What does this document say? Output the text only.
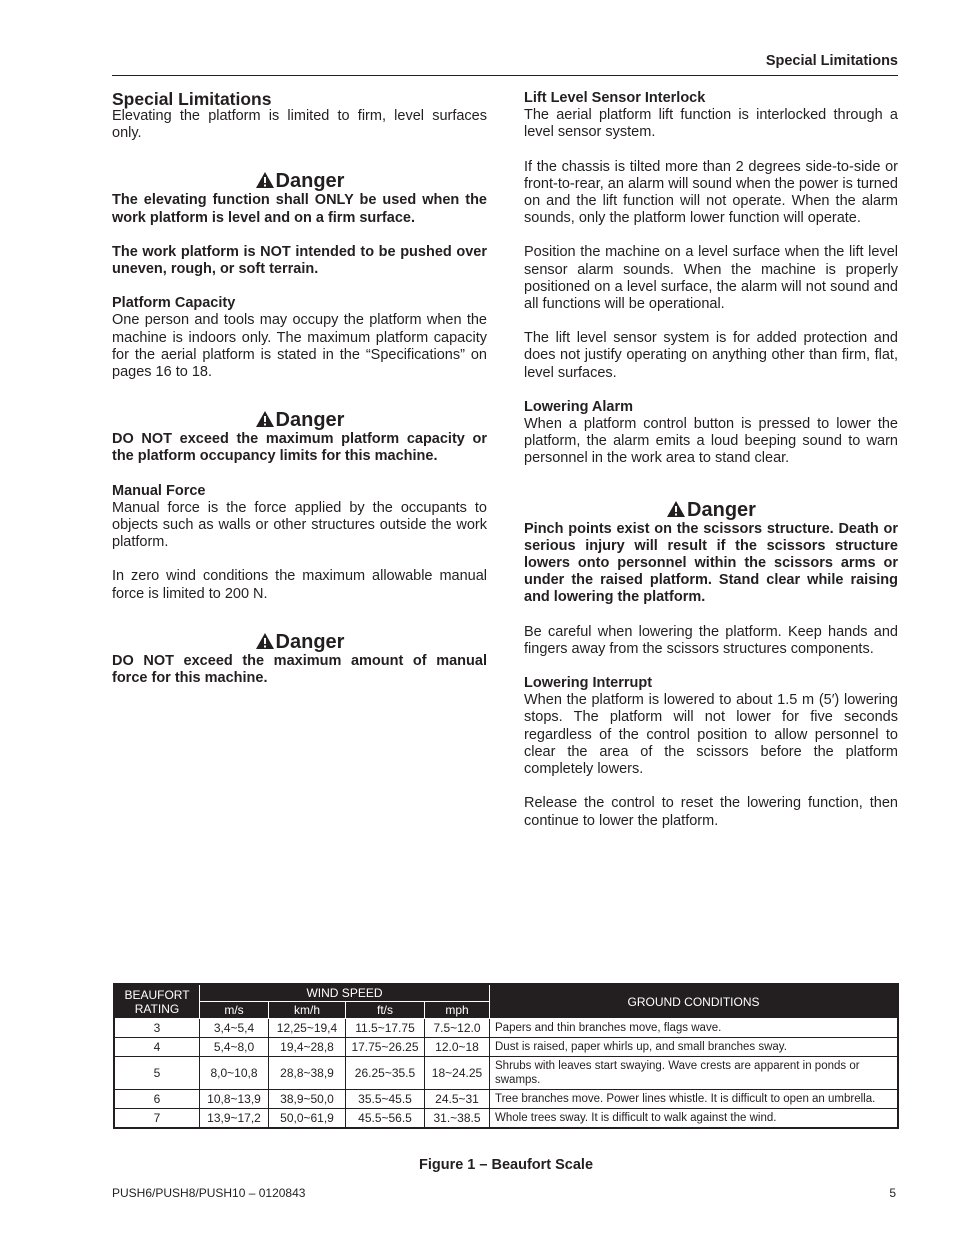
Special Limitations
Special Limitations

Elevating the platform is limited to firm, level surfaces only.

Danger

The elevating function shall ONLY be used when the work platform is level and on a firm surface.

The work platform is NOT intended to be pushed over uneven, rough, or soft terrain.

Platform Capacity

One person and tools may occupy the platform when the machine is indoors only. The maximum platform capacity for the aerial platform is stated in the “Specifications” on pages 16 to 18.

Danger

DO NOT exceed the maximum platform capacity or the platform occupancy limits for this machine.

Manual Force

Manual force is the force applied by the occupants to objects such as walls or other structures outside the work platform.

In zero wind conditions the maximum allowable manual force is limited to 200 N.

Danger

DO NOT exceed the maximum amount of manual force for this machine.

Lift Level Sensor Interlock

The aerial platform lift function is interlocked through a level sensor system.

If the chassis is tilted more than 2 degrees side-to-side or front-to-rear, an alarm will sound when the power is turned on and the lift function will not operate. When the alarm sounds, only the platform lower function will operate.

Position the machine on a level surface when the lift level sensor alarm sounds. When the machine is properly positioned on a level surface, the alarm will not sound and all functions will be operational.

The lift level sensor system is for added protection and does not justify operating on anything other than firm, flat, level surfaces.

Lowering Alarm

When a platform control button is pressed to lower the platform, the alarm emits a loud beeping sound to warn personnel in the work area to stand clear.

Danger

Pinch points exist on the scissors structure. Death or serious injury will result if the scissors structure lowers onto personnel within the scissors arms or under the raised platform. Stand clear while raising and lowering the platform.

Be careful when lowering the platform. Keep hands and fingers away from the scissors structures components.

Lowering Interrupt

When the platform is lowered to about 1.5 m (5′) lowering stops. The platform will not lower for five seconds regardless of the control position to allow personnel to clear the area of the scissors before the platform completely lowers.

Release the control to reset the lowering function, then continue to lower the platform.

BEAUFORT RATING	WIND SPEED				GROUND CONDITIONS
	m/s	km/h	ft/s	mph	
3	3,4~5,4	12,25~19,4	11.5~17.75	7.5~12.0	Papers and thin branches move, flags wave.
4	5,4~8,0	19,4~28,8	17.75~26.25	12.0~18	Dust is raised, paper whirls up, and small branches sway.
5	8,0~10,8	28,8~38,9	26.25~35.5	18~24.25	Shrubs with leaves start swaying. Wave crests are apparent in ponds or swamps.
6	10,8~13,9	38,9~50,0	35.5~45.5	24.5~31	Tree branches move. Power lines whistle. It is difficult to open an umbrella.
7	13,9~17,2	50,0~61,9	45.5~56.5	31.~38.5	Whole trees sway. It is difficult to walk against the wind.
Figure 1 – Beaufort Scale
PUSH6/PUSH8/PUSH10 – 0120843	5
